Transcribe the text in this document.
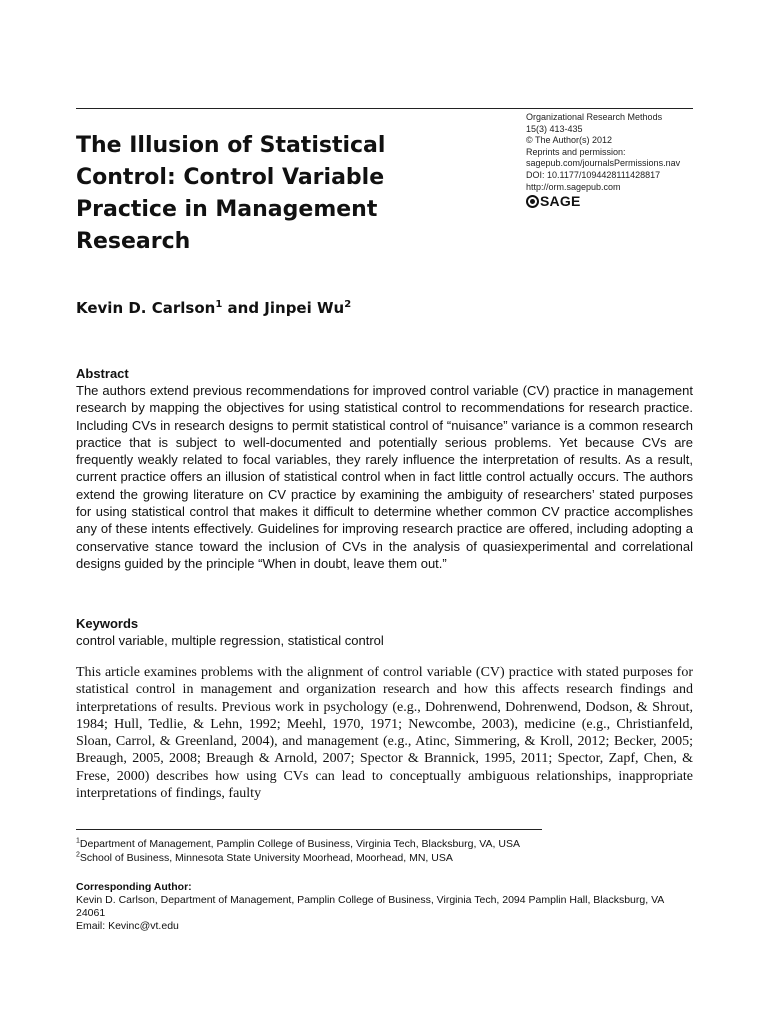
The Illusion of Statistical Control: Control Variable Practice in Management Research
Organizational Research Methods
15(3) 413-435
© The Author(s) 2012
Reprints and permission:
sagepub.com/journalsPermissions.nav
DOI: 10.1177/1094428111428817
http://orm.sagepub.com
SAGE

Kevin D. Carlson$^1$ and Jinpei Wu$^2$

Abstract

The authors extend previous recommendations for improved control variable (CV) practice in management research by mapping the objectives for using statistical control to recommendations for research practice. Including CVs in research designs to permit statistical control of “nuisance” variance is a common research practice that is subject to well-documented and potentially serious problems. Yet because CVs are frequently weakly related to focal variables, they rarely influence the interpretation of results. As a result, current practice offers an illusion of statistical control when in fact little control actually occurs. The authors extend the growing literature on CV practice by examining the ambiguity of researchers’ stated purposes for using statistical control that makes it difficult to determine whether common CV practice accomplishes any of these intents effectively. Guidelines for improving research practice are offered, including adopting a conservative stance toward the inclusion of CVs in the analysis of quasiexperimental and correlational designs guided by the principle “When in doubt, leave them out.”

Keywords

control variable, multiple regression, statistical control

This article examines problems with the alignment of control variable (CV) practice with stated purposes for statistical control in management and organization research and how this affects research findings and interpretations of results. Previous work in psychology (e.g., Dohrenwend, Dohrenwend, Dodson, & Shrout, 1984; Hull, Tedlie, & Lehn, 1992; Meehl, 1970, 1971; Newcombe, 2003), medicine (e.g., Christianfeld, Sloan, Carrol, & Greenland, 2004), and management (e.g., Atinc, Simmering, & Kroll, 2012; Becker, 2005; Breaugh, 2005, 2008; Breaugh & Arnold, 2007; Spector & Brannick, 1995, 2011; Spector, Zapf, Chen, & Frese, 2000) describes how using CVs can lead to conceptually ambiguous relationships, inappropriate interpretations of findings, faulty

$^1$Department of Management, Pamplin College of Business, Virginia Tech, Blacksburg, VA, USA

$^2$School of Business, Minnesota State University Moorhead, Moorhead, MN, USA

Corresponding Author:
Kevin D. Carlson, Department of Management, Pamplin College of Business, Virginia Tech, 2094 Pamplin Hall, Blacksburg, VA 24061
Email: Kevinc@vt.edu
